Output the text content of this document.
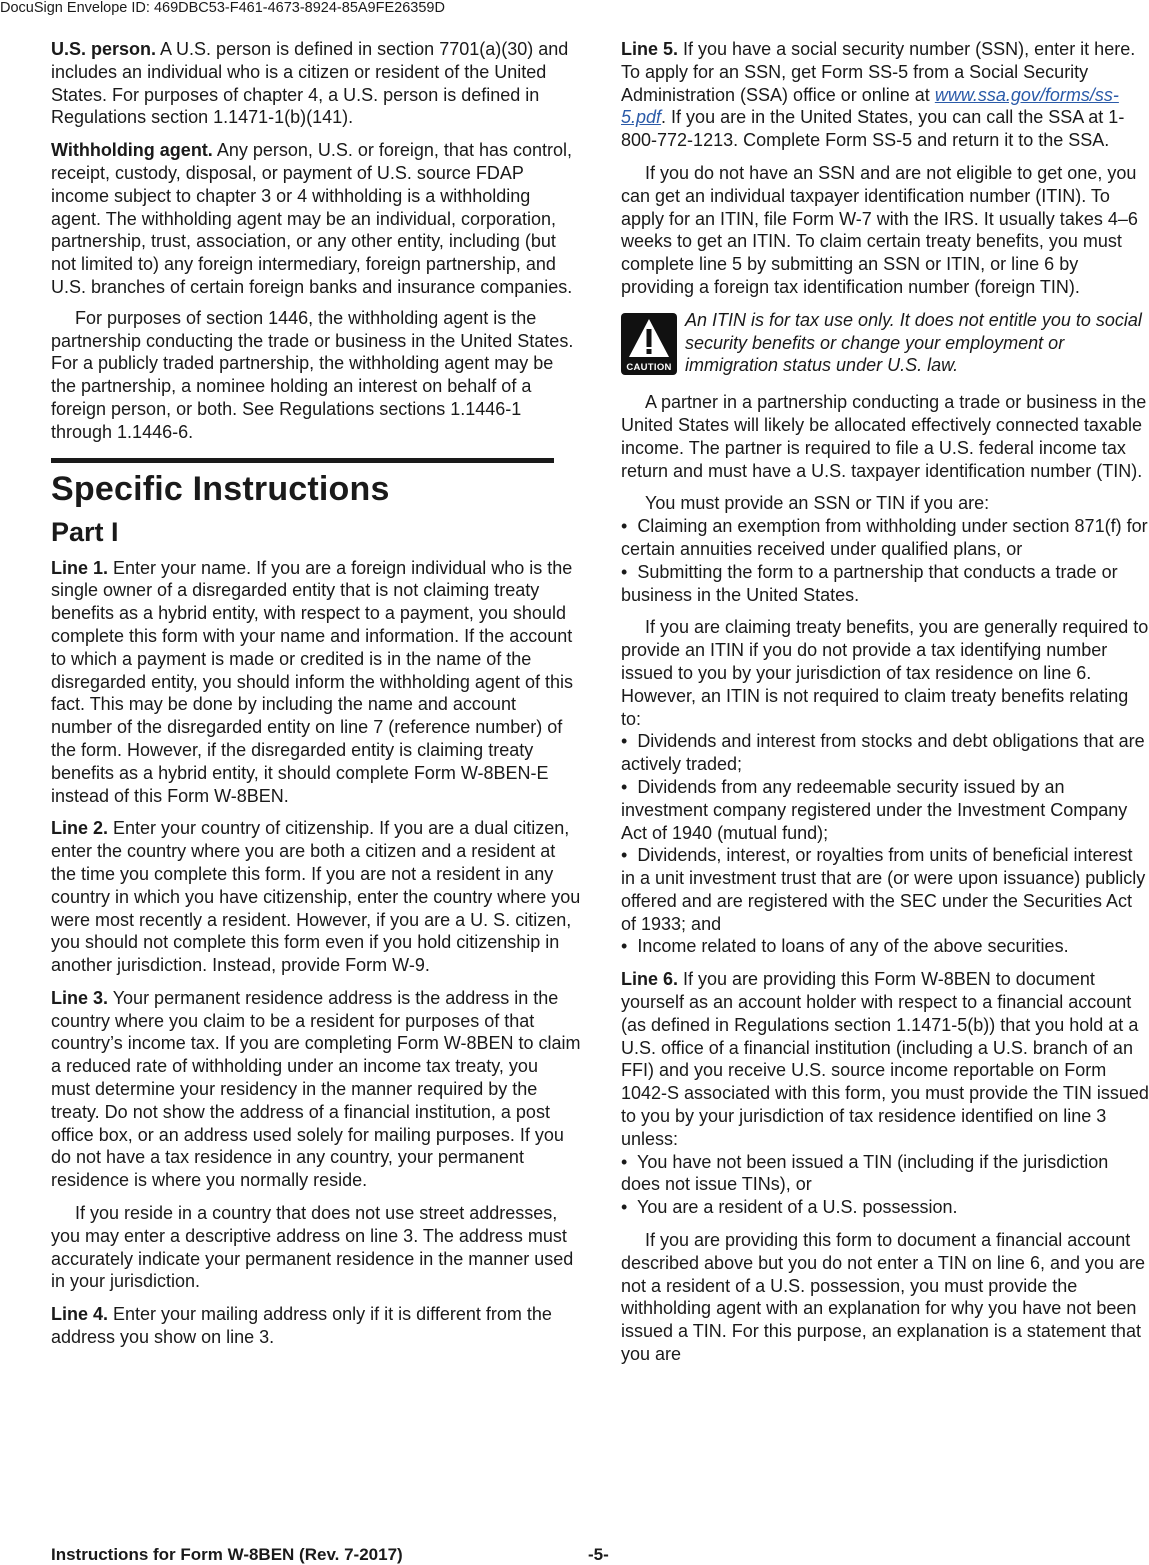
DocuSign Envelope ID: 469DBC53-F461-4673-8924-85A9FE26359D

U.S. person. A U.S. person is defined in section 7701(a)(30) and includes an individual who is a citizen or resident of the United States. For purposes of chapter 4, a U.S. person is defined in Regulations section 1.1471-1(b)(141).

Withholding agent. Any person, U.S. or foreign, that has control, receipt, custody, disposal, or payment of U.S. source FDAP income subject to chapter 3 or 4 withholding is a withholding agent. The withholding agent may be an individual, corporation, partnership, trust, association, or any other entity, including (but not limited to) any foreign intermediary, foreign partnership, and U.S. branches of certain foreign banks and insurance companies.

For purposes of section 1446, the withholding agent is the partnership conducting the trade or business in the United States. For a publicly traded partnership, the withholding agent may be the partnership, a nominee holding an interest on behalf of a foreign person, or both. See Regulations sections 1.1446-1 through 1.1446-6.

Specific Instructions
Part I

Line 1. Enter your name. If you are a foreign individual who is the single owner of a disregarded entity that is not claiming treaty benefits as a hybrid entity, with respect to a payment, you should complete this form with your name and information. If the account to which a payment is made or credited is in the name of the disregarded entity, you should inform the withholding agent of this fact. This may be done by including the name and account number of the disregarded entity on line 7 (reference number) of the form. However, if the disregarded entity is claiming treaty benefits as a hybrid entity, it should complete Form W-8BEN-E instead of this Form W-8BEN.

Line 2. Enter your country of citizenship. If you are a dual citizen, enter the country where you are both a citizen and a resident at the time you complete this form. If you are not a resident in any country in which you have citizenship, enter the country where you were most recently a resident. However, if you are a U. S. citizen, you should not complete this form even if you hold citizenship in another jurisdiction. Instead, provide Form W-9.

Line 3. Your permanent residence address is the address in the country where you claim to be a resident for purposes of that country’s income tax. If you are completing Form W-8BEN to claim a reduced rate of withholding under an income tax treaty, you must determine your residency in the manner required by the treaty. Do not show the address of a financial institution, a post office box, or an address used solely for mailing purposes. If you do not have a tax residence in any country, your permanent residence is where you normally reside.

If you reside in a country that does not use street addresses, you may enter a descriptive address on line 3. The address must accurately indicate your permanent residence in the manner used in your jurisdiction.

Line 4. Enter your mailing address only if it is different from the address you show on line 3.

Line 5. If you have a social security number (SSN), enter it here. To apply for an SSN, get Form SS-5 from a Social Security Administration (SSA) office or online at www.ssa.gov/forms/ss-5.pdf. If you are in the United States, you can call the SSA at 1-800-772-1213. Complete Form SS-5 and return it to the SSA.

If you do not have an SSN and are not eligible to get one, you can get an individual taxpayer identification number (ITIN). To apply for an ITIN, file Form W-7 with the IRS. It usually takes 4–6 weeks to get an ITIN. To claim certain treaty benefits, you must complete line 5 by submitting an SSN or ITIN, or line 6 by providing a foreign tax identification number (foreign TIN).

CAUTION
An ITIN is for tax use only. It does not entitle you to social security benefits or change your employment or immigration status under U.S. law.

A partner in a partnership conducting a trade or business in the United States will likely be allocated effectively connected taxable income. The partner is required to file a U.S. federal income tax return and must have a U.S. taxpayer identification number (TIN).

You must provide an SSN or TIN if you are:

•  Claiming an exemption from withholding under section 871(f) for certain annuities received under qualified plans, or

•  Submitting the form to a partnership that conducts a trade or business in the United States.

If you are claiming treaty benefits, you are generally required to provide an ITIN if you do not provide a tax identifying number issued to you by your jurisdiction of tax residence on line 6. However, an ITIN is not required to claim treaty benefits relating to:

•  Dividends and interest from stocks and debt obligations that are actively traded;

•  Dividends from any redeemable security issued by an investment company registered under the Investment Company Act of 1940 (mutual fund);

•  Dividends, interest, or royalties from units of beneficial interest in a unit investment trust that are (or were upon issuance) publicly offered and are registered with the SEC under the Securities Act of 1933; and

•  Income related to loans of any of the above securities.

Line 6. If you are providing this Form W-8BEN to document yourself as an account holder with respect to a financial account (as defined in Regulations section 1.1471-5(b)) that you hold at a U.S. office of a financial institution (including a U.S. branch of an FFI) and you receive U.S. source income reportable on Form 1042-S associated with this form, you must provide the TIN issued to you by your jurisdiction of tax residence identified on line 3 unless:

•  You have not been issued a TIN (including if the jurisdiction does not issue TINs), or

•  You are a resident of a U.S. possession.

If you are providing this form to document a financial account described above but you do not enter a TIN on line 6, and you are not a resident of a U.S. possession, you must provide the withholding agent with an explanation for why you have not been issued a TIN. For this purpose, an explanation is a statement that you are

Instructions for Form W-8BEN (Rev. 7-2017)	-5-
